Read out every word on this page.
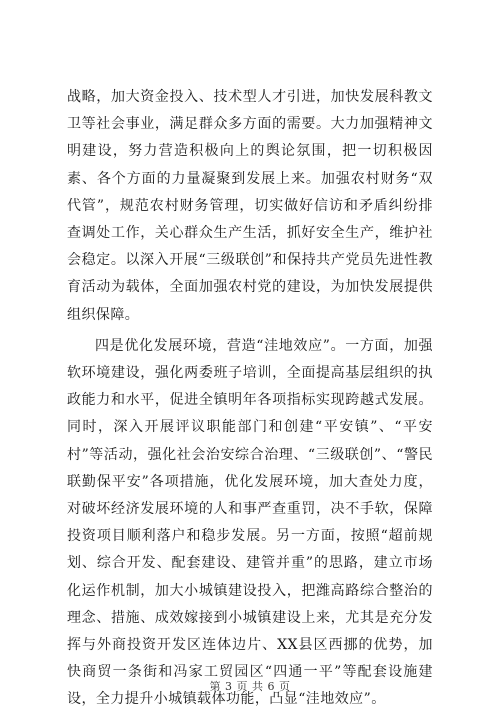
战略，加大资金投入、技术型人才引进，加快发展科教文卫等社会事业，满足群众多方面的需要。大力加强精神文明建设，努力营造积极向上的舆论氛围，把一切积极因素、各个方面的力量凝聚到发展上来。加强农村财务“双代管”，规范农村财务管理，切实做好信访和矛盾纠纷排查调处工作，关心群众生产生活，抓好安全生产，维护社会稳定。以深入开展“三级联创”和保持共产党员先进性教育活动为载体，全面加强农村党的建设，为加快发展提供组织保障。

四是优化发展环境，营造“洼地效应”。一方面，加强软环境建设，强化两委班子培训，全面提高基层组织的执政能力和水平，促进全镇明年各项指标实现跨越式发展。同时，深入开展评议职能部门和创建“平安镇”、“平安村”等活动，强化社会治安综合治理、“三级联创”、“警民联勤保平安”各项措施，优化发展环境，加大查处力度，对破坏经济发展环境的人和事严查重罚，决不手软，保障投资项目顺利落户和稳步发展。另一方面，按照“超前规划、综合开发、配套建设、建管并重”的思路，建立市场化运作机制，加大小城镇建设投入，把潍高路综合整治的理念、措施、成效嫁接到小城镇建设上来，尤其是充分发挥与外商投资开发区连体边片、XX县区西挪的优势，加快商贸一条街和冯家工贸园区“四通一平”等配套设施建设，全力提升小城镇载体功能，凸显“洼地效应”。

第 3 页 共 6 页
